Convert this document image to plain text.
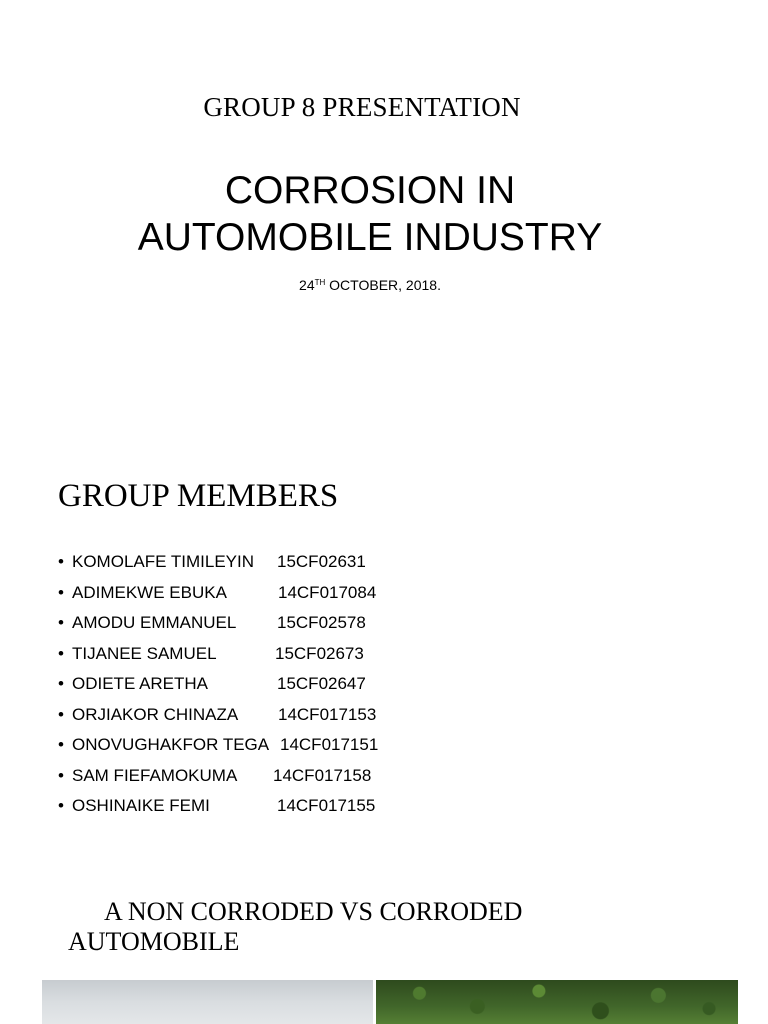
GROUP 8 PRESENTATION
CORROSION IN
AUTOMOBILE INDUSTRY
24TH OCTOBER, 2018.
GROUP MEMBERS
• KOMOLAFE TIMILEYIN 15CF02631
• ADIMEKWE EBUKA	14CF017084
• AMODU EMMANUEL 15CF02578
• TIJANEE SAMUEL	15CF02673
• ODIETE ARETHA	15CF02647
• ORJIAKOR CHINAZA 14CF017153
• ONOVUGHAKFOR TEGA 14CF017151
• SAM FIEFAMOKUMA 14CF017158
• OSHINAIKE FEMI	14CF017155
A NON CORRODED VS CORRODED
AUTOMOBILE
